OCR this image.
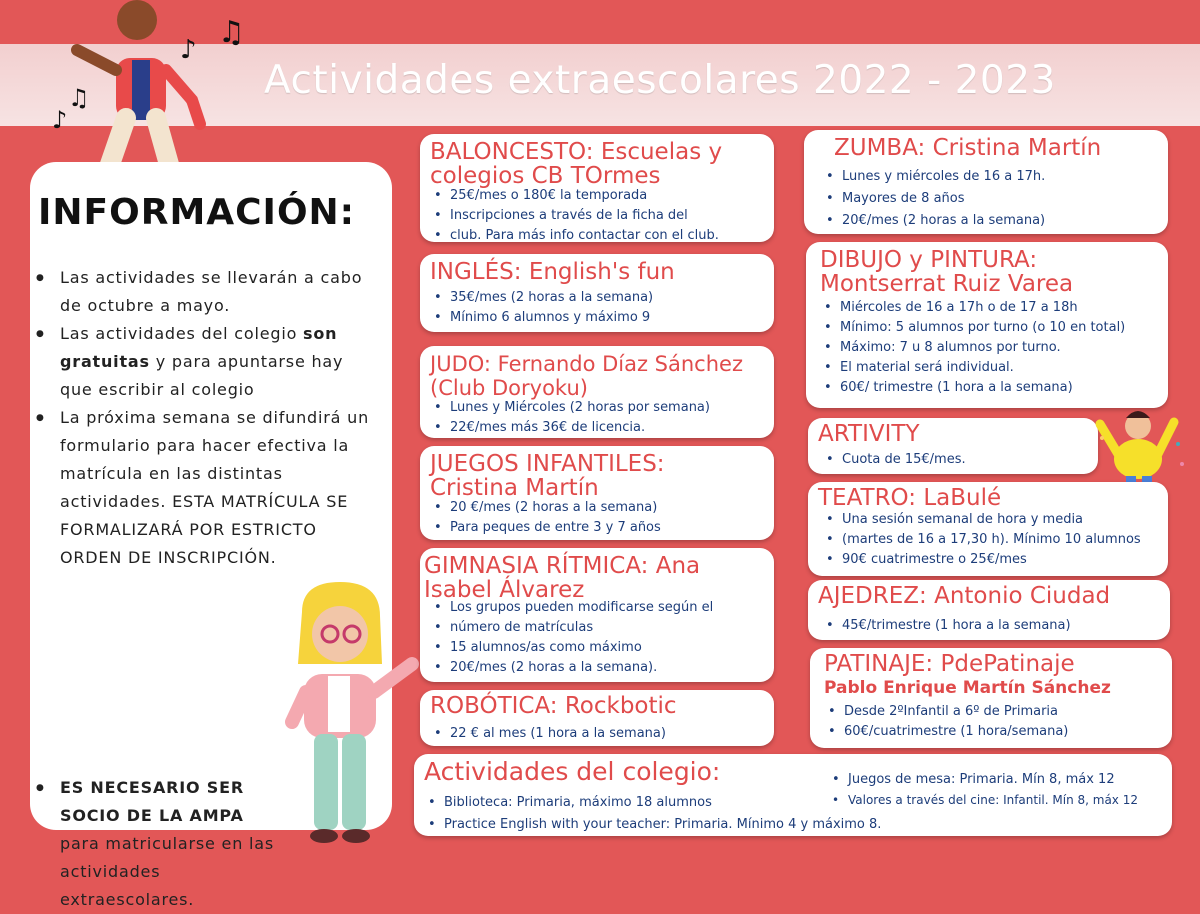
Actividades extraescolares 2022 - 2023
♪ ♫
♪
♫
INFORMACIÓN:
● Las actividades se llevarán a cabo de octubre a mayo.
● Las actividades del colegio son gratuitas y para apuntarse hay que escribir al colegio
● La próxima semana se difundirá un formulario para hacer efectiva la matrícula en las distintas actividades. ESTA MATRÍCULA SE FORMALIZARÁ POR ESTRICTO ORDEN DE INSCRIPCIÓN.
● ES NECESARIO SER SOCIO DE LA AMPA para matricularse en las actividades extraescolares.
BALONCESTO: Escuelas y
colegios CB TOrmes
• 25€/mes o 180€ la temporada
• Inscripciones a través de la ficha del
• club. Para más info contactar con el club.
INGLÉS: English's fun
• 35€/mes (2 horas a la semana)
• Mínimo 6 alumnos y máximo 9
JUDO: Fernando Díaz Sánchez
(Club Doryoku)
• Lunes y Miércoles (2 horas por semana)
• 22€/mes más 36€ de licencia.
JUEGOS INFANTILES:
Cristina Martín
• 20 €/mes (2 horas a la semana)
• Para peques de entre 3 y 7 años
GIMNASIA RÍTMICA: Ana
Isabel Álvarez
• Los grupos pueden modificarse según el
• número de matrículas
• 15 alumnos/as como máximo
• 20€/mes (2 horas a la semana).
ROBÓTICA: Rockbotic
• 22 € al mes (1 hora a la semana)
ZUMBA: Cristina Martín
• Lunes y miércoles de 16 a 17h.
• Mayores de 8 años
• 20€/mes (2 horas a la semana)
DIBUJO y PINTURA:
Montserrat Ruiz Varea
• Miércoles de 16 a 17h o de 17 a 18h
• Mínimo: 5 alumnos por turno (o 10 en total)
• Máximo: 7 u 8 alumnos por turno.
• El material será individual.
• 60€/ trimestre (1 hora a la semana)
ARTIVITY
• Cuota de 15€/mes.
TEATRO: LaBulé
• Una sesión semanal de hora y media
• (martes de 16 a 17,30 h). Mínimo 10 alumnos
• 90€ cuatrimestre o 25€/mes
AJEDREZ: Antonio Ciudad
• 45€/trimestre (1 hora a la semana)
PATINAJE: PdePatinaje
Pablo Enrique Martín Sánchez
• Desde 2ºInfantil a 6º de Primaria
• 60€/cuatrimestre (1 hora/semana)
Actividades del colegio:
• Biblioteca: Primaria, máximo 18 alumnos
• Practice English with your teacher: Primaria. Mínimo 4 y máximo 8.
• Juegos de mesa: Primaria. Mín 8, máx 12
• Valores a través del cine: Infantil. Mín 8, máx 12
